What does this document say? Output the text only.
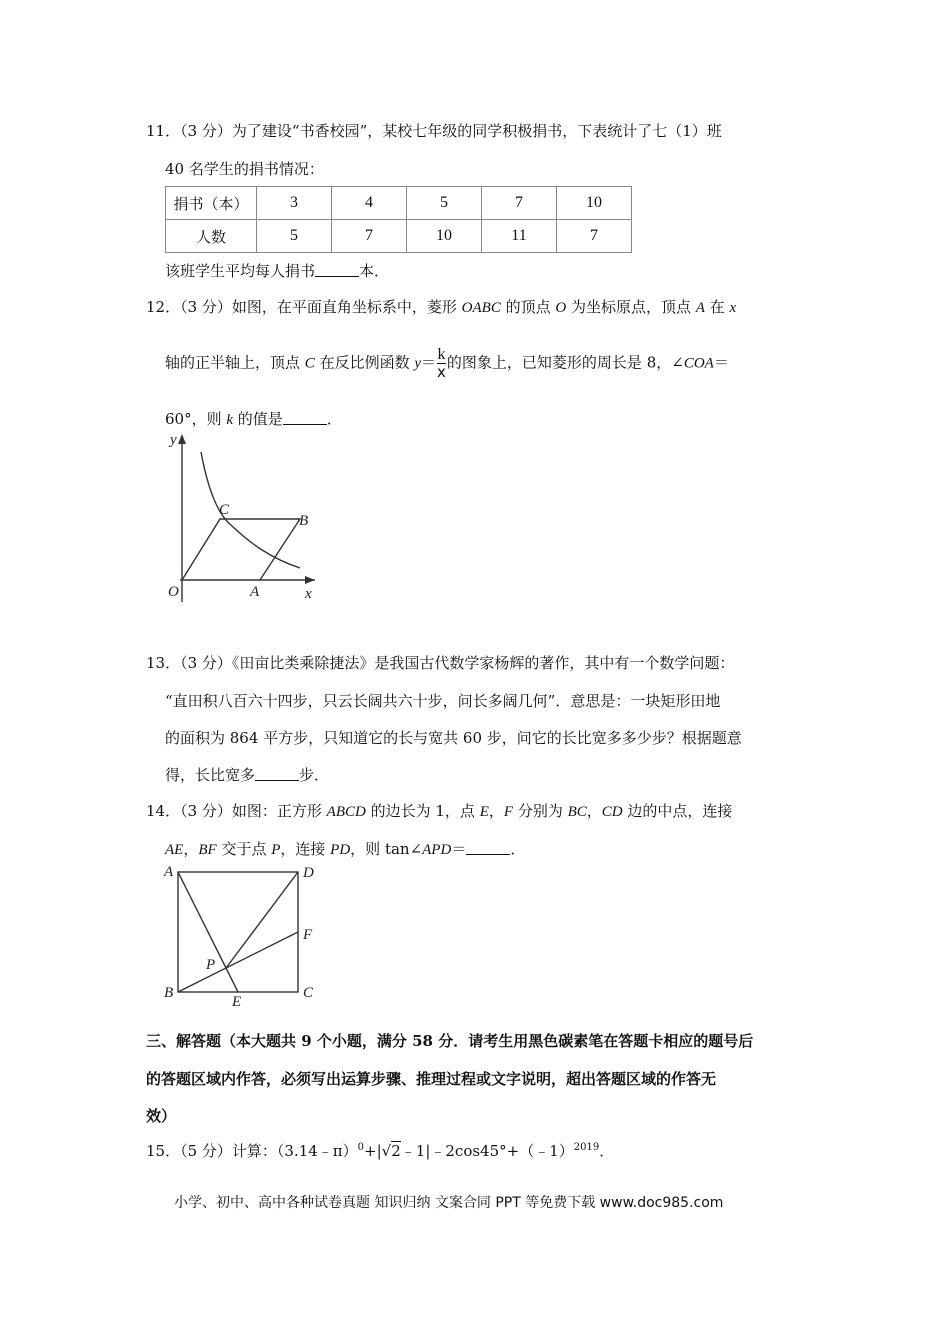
11．（3 分）为了建设“书香校园”，某校七年级的同学积极捐书，下表统计了七（1）班
40 名学生的捐书情况：
捐书（本）	3	4	5	7	10
人数	5	7	10	11	7
该班学生平均每人捐书	本．
12．（3 分）如图，在平面直角坐标系中，菱形 OABC 的顶点 O 为坐标原点，顶点 A 在 x
轴的正半轴上，顶点 C 在反比例函数 $y= \frac{k}{x}$ 的图象上，已知菱形的周长是 8，∠COA＝
60°，则 k 的值是	．
y
x
O	A
B
C
13．（3 分）《田亩比类乘除捷法》是我国古代数学家杨辉的著作，其中有一个数学问题：
“直田积八百六十四步，只云长阔共六十步，问长多阔几何”．意思是：一块矩形田地
的面积为 864 平方步，只知道它的长与宽共 60 步，问它的长比宽多多少步？根据题意
得，长比宽多	步．
14．（3 分）如图：正方形 ABCD 的边长为 1，点 E，F 分别为 BC，CD 边的中点，连接
AE，BF 交于点 P，连接 PD，则 tan∠APD＝	．
A	D
F
P
B
E
C
三、解答题（本大题共 9 个小题，满分 58 分．请考生用黑色碳素笔在答题卡相应的题号后
的答题区域内作答，必须写出运算步骤、推理过程或文字说明，超出答题区域的作答无
效）
15．（5 分）计算：（3.14﹣π）$^0$+|√2﹣1|﹣2cos45°+（﹣1）$^{2019}$．
小学、初中、高中各种试卷真题 知识归纳 文案合同 PPT 等免费下载 www.doc985.com
